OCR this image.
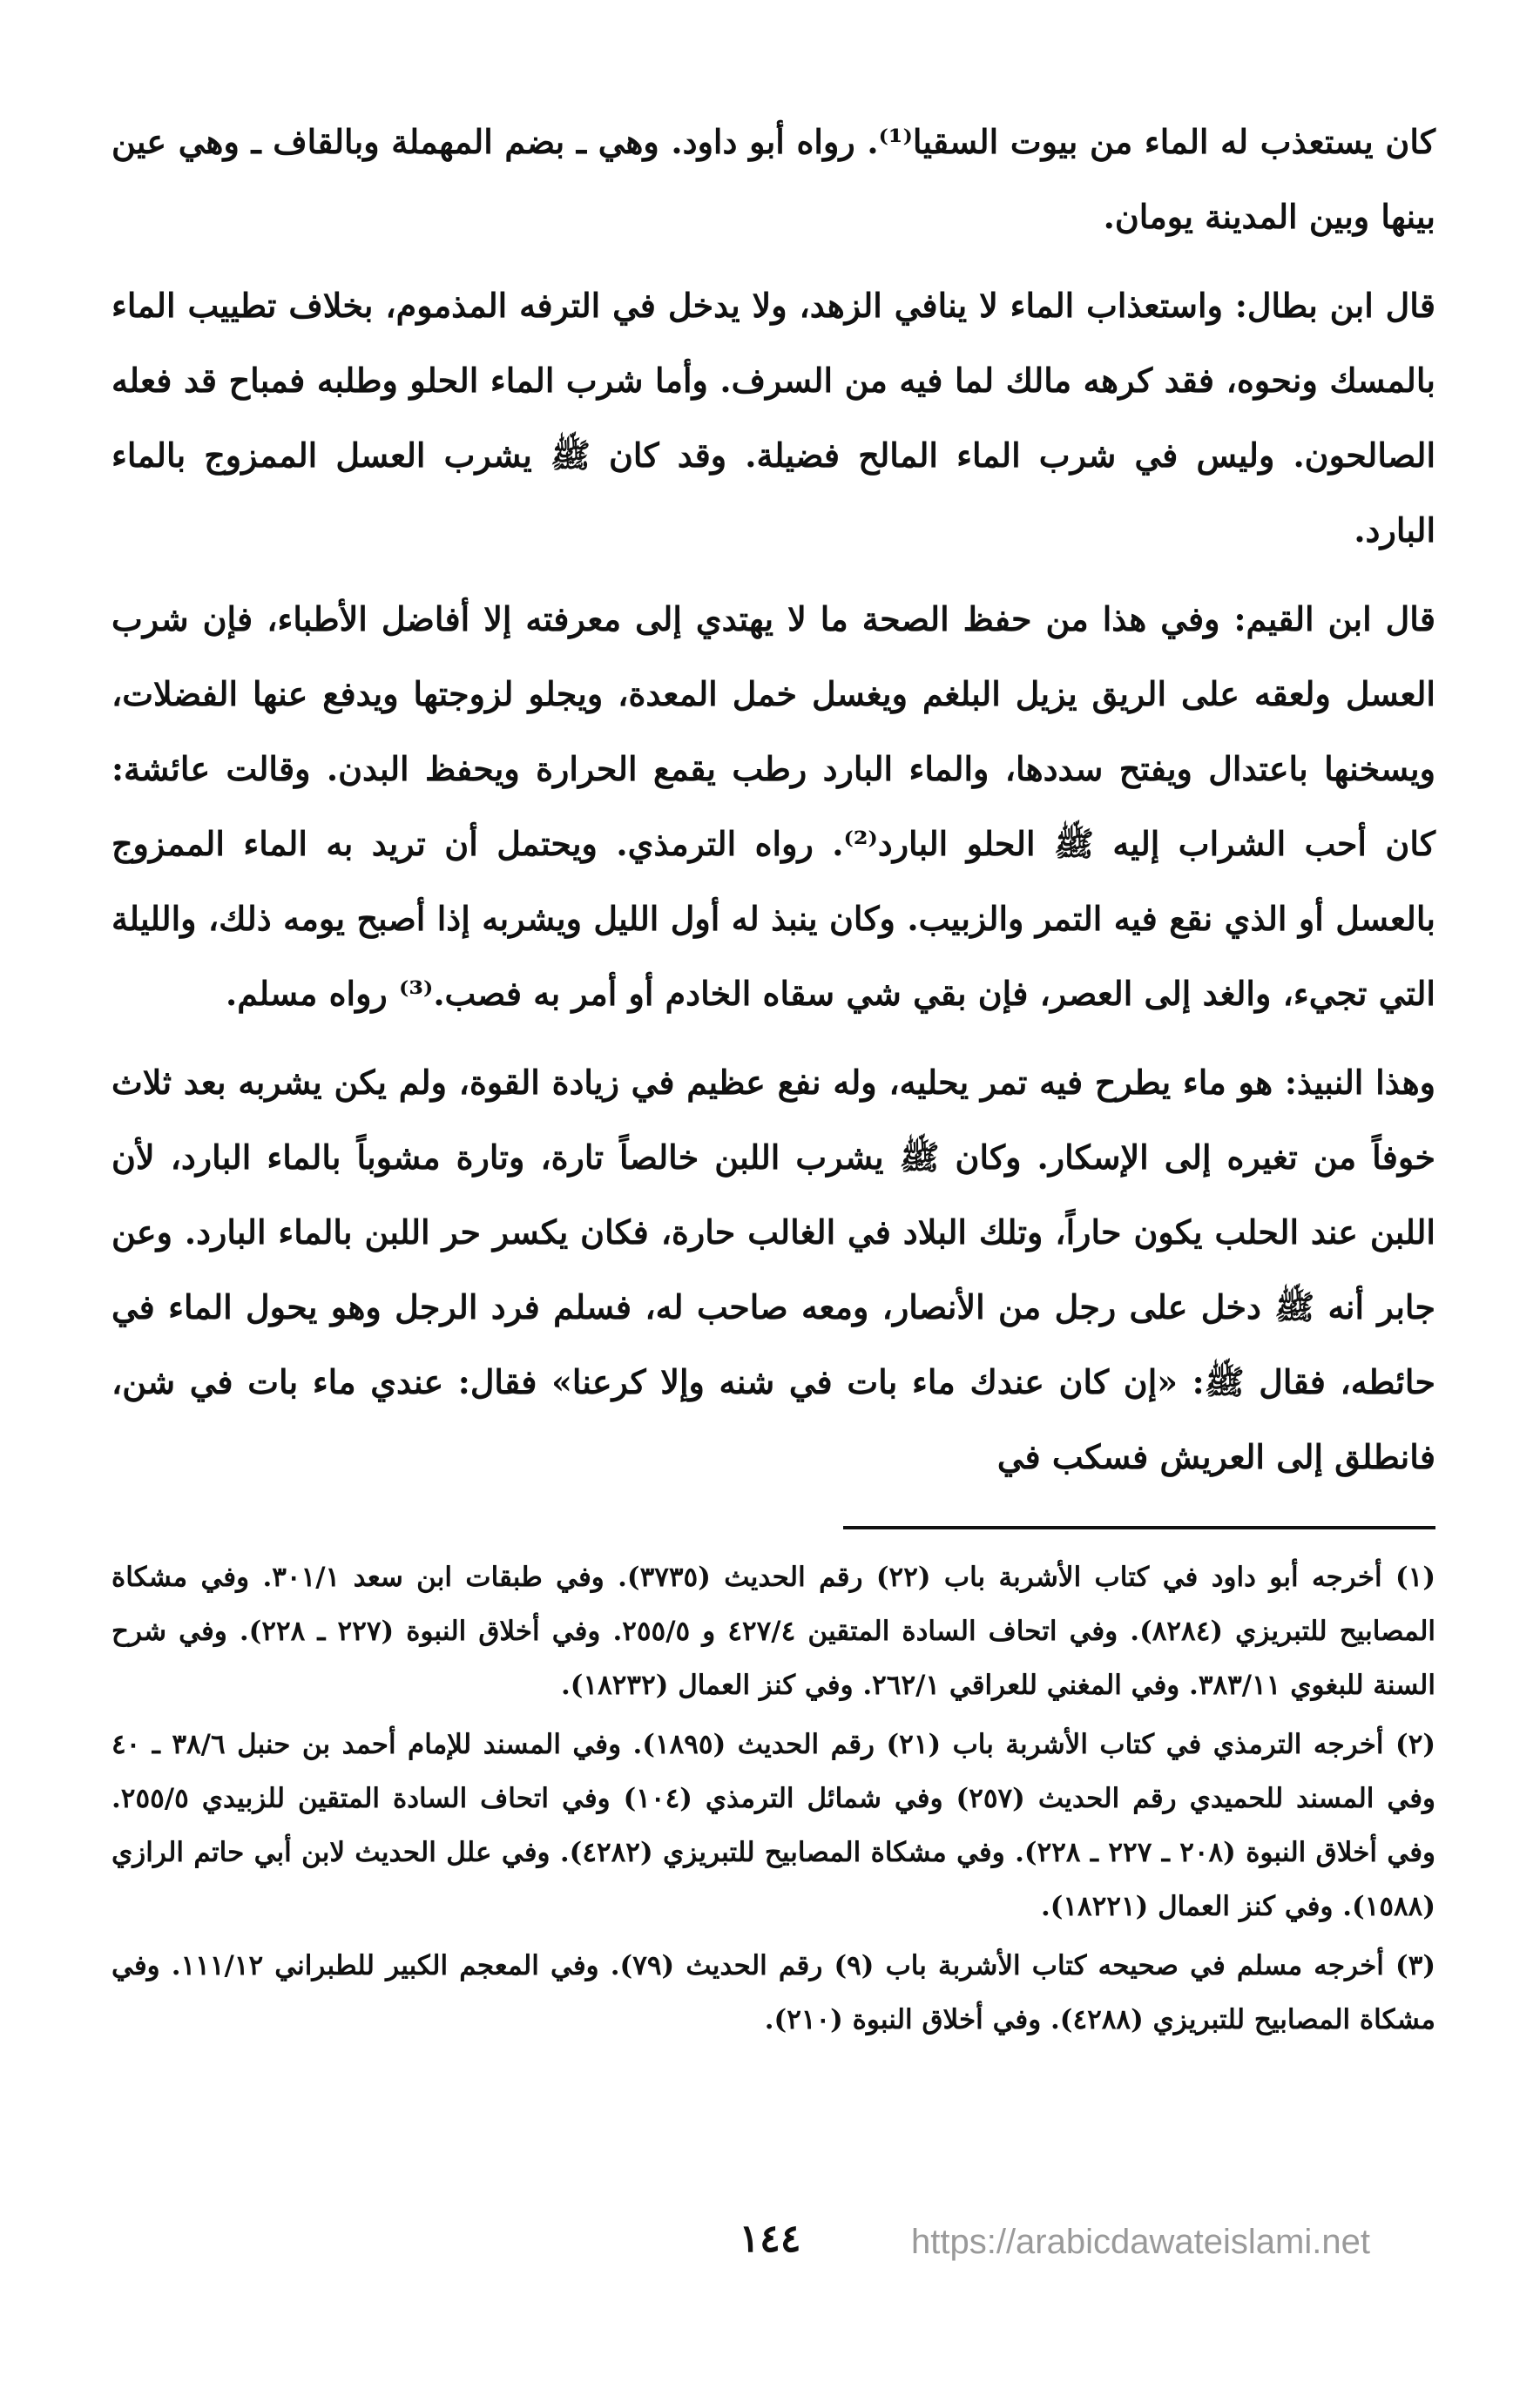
كان يستعذب له الماء من بيوت السقيا⁽¹⁾. رواه أبو داود. وهي ـ بضم المهملة وبالقاف ـ وهي عين بينها وبين المدينة يومان.

قال ابن بطال: واستعذاب الماء لا ينافي الزهد، ولا يدخل في الترفه المذموم، بخلاف تطييب الماء بالمسك ونحوه، فقد كرهه مالك لما فيه من السرف. وأما شرب الماء الحلو وطلبه فمباح قد فعله الصالحون. وليس في شرب الماء المالح فضيلة. وقد كان ﷺ يشرب العسل الممزوج بالماء البارد.

قال ابن القيم: وفي هذا من حفظ الصحة ما لا يهتدي إلى معرفته إلا أفاضل الأطباء، فإن شرب العسل ولعقه على الريق يزيل البلغم ويغسل خمل المعدة، ويجلو لزوجتها ويدفع عنها الفضلات، ويسخنها باعتدال ويفتح سددها، والماء البارد رطب يقمع الحرارة ويحفظ البدن. وقالت عائشة: كان أحب الشراب إليه ﷺ الحلو البارد⁽²⁾. رواه الترمذي. ويحتمل أن تريد به الماء الممزوج بالعسل أو الذي نقع فيه التمر والزبيب. وكان ينبذ له أول الليل ويشربه إذا أصبح يومه ذلك، والليلة التي تجيء، والغد إلى العصر، فإن بقي شي سقاه الخادم أو أمر به فصب.⁽³⁾ رواه مسلم.

وهذا النبيذ: هو ماء يطرح فيه تمر يحليه، وله نفع عظيم في زيادة القوة، ولم يكن يشربه بعد ثلاث خوفاً من تغيره إلى الإسكار. وكان ﷺ يشرب اللبن خالصاً تارة، وتارة مشوباً بالماء البارد، لأن اللبن عند الحلب يكون حاراً، وتلك البلاد في الغالب حارة، فكان يكسر حر اللبن بالماء البارد. وعن جابر أنه ﷺ دخل على رجل من الأنصار، ومعه صاحب له، فسلم فرد الرجل وهو يحول الماء في حائطه، فقال ﷺ: «إن كان عندك ماء بات في شنه وإلا كرعنا» فقال: عندي ماء بات في شن، فانطلق إلى العريش فسكب في

(١) أخرجه أبو داود في كتاب الأشربة باب (٢٢) رقم الحديث (٣٧٣٥). وفي طبقات ابن سعد ٣٠١/١. وفي مشكاة المصابيح للتبريزي (٨٢٨٤). وفي اتحاف السادة المتقين ٤٢٧/٤ و ٢٥٥/٥. وفي أخلاق النبوة (٢٢٧ ـ ٢٢٨). وفي شرح السنة للبغوي ٣٨٣/١١. وفي المغني للعراقي ٢٦٢/١. وفي كنز العمال (١٨٢٣٢).

(٢) أخرجه الترمذي في كتاب الأشربة باب (٢١) رقم الحديث (١٨٩٥). وفي المسند للإمام أحمد بن حنبل ٣٨/٦ ـ ٤٠ وفي المسند للحميدي رقم الحديث (٢٥٧) وفي شمائل الترمذي (١٠٤) وفي اتحاف السادة المتقين للزبيدي ٢٥٥/٥. وفي أخلاق النبوة (٢٠٨ ـ ٢٢٧ ـ ٢٢٨). وفي مشكاة المصابيح للتبريزي (٤٢٨٢). وفي علل الحديث لابن أبي حاتم الرازي (١٥٨٨). وفي كنز العمال (١٨٢٢١).

(٣) أخرجه مسلم في صحيحه كتاب الأشربة باب (٩) رقم الحديث (٧٩). وفي المعجم الكبير للطبراني ١١١/١٢. وفي مشكاة المصابيح للتبريزي (٤٢٨٨). وفي أخلاق النبوة (٢١٠).

١٤٤	https://arabicdawateislami.net
